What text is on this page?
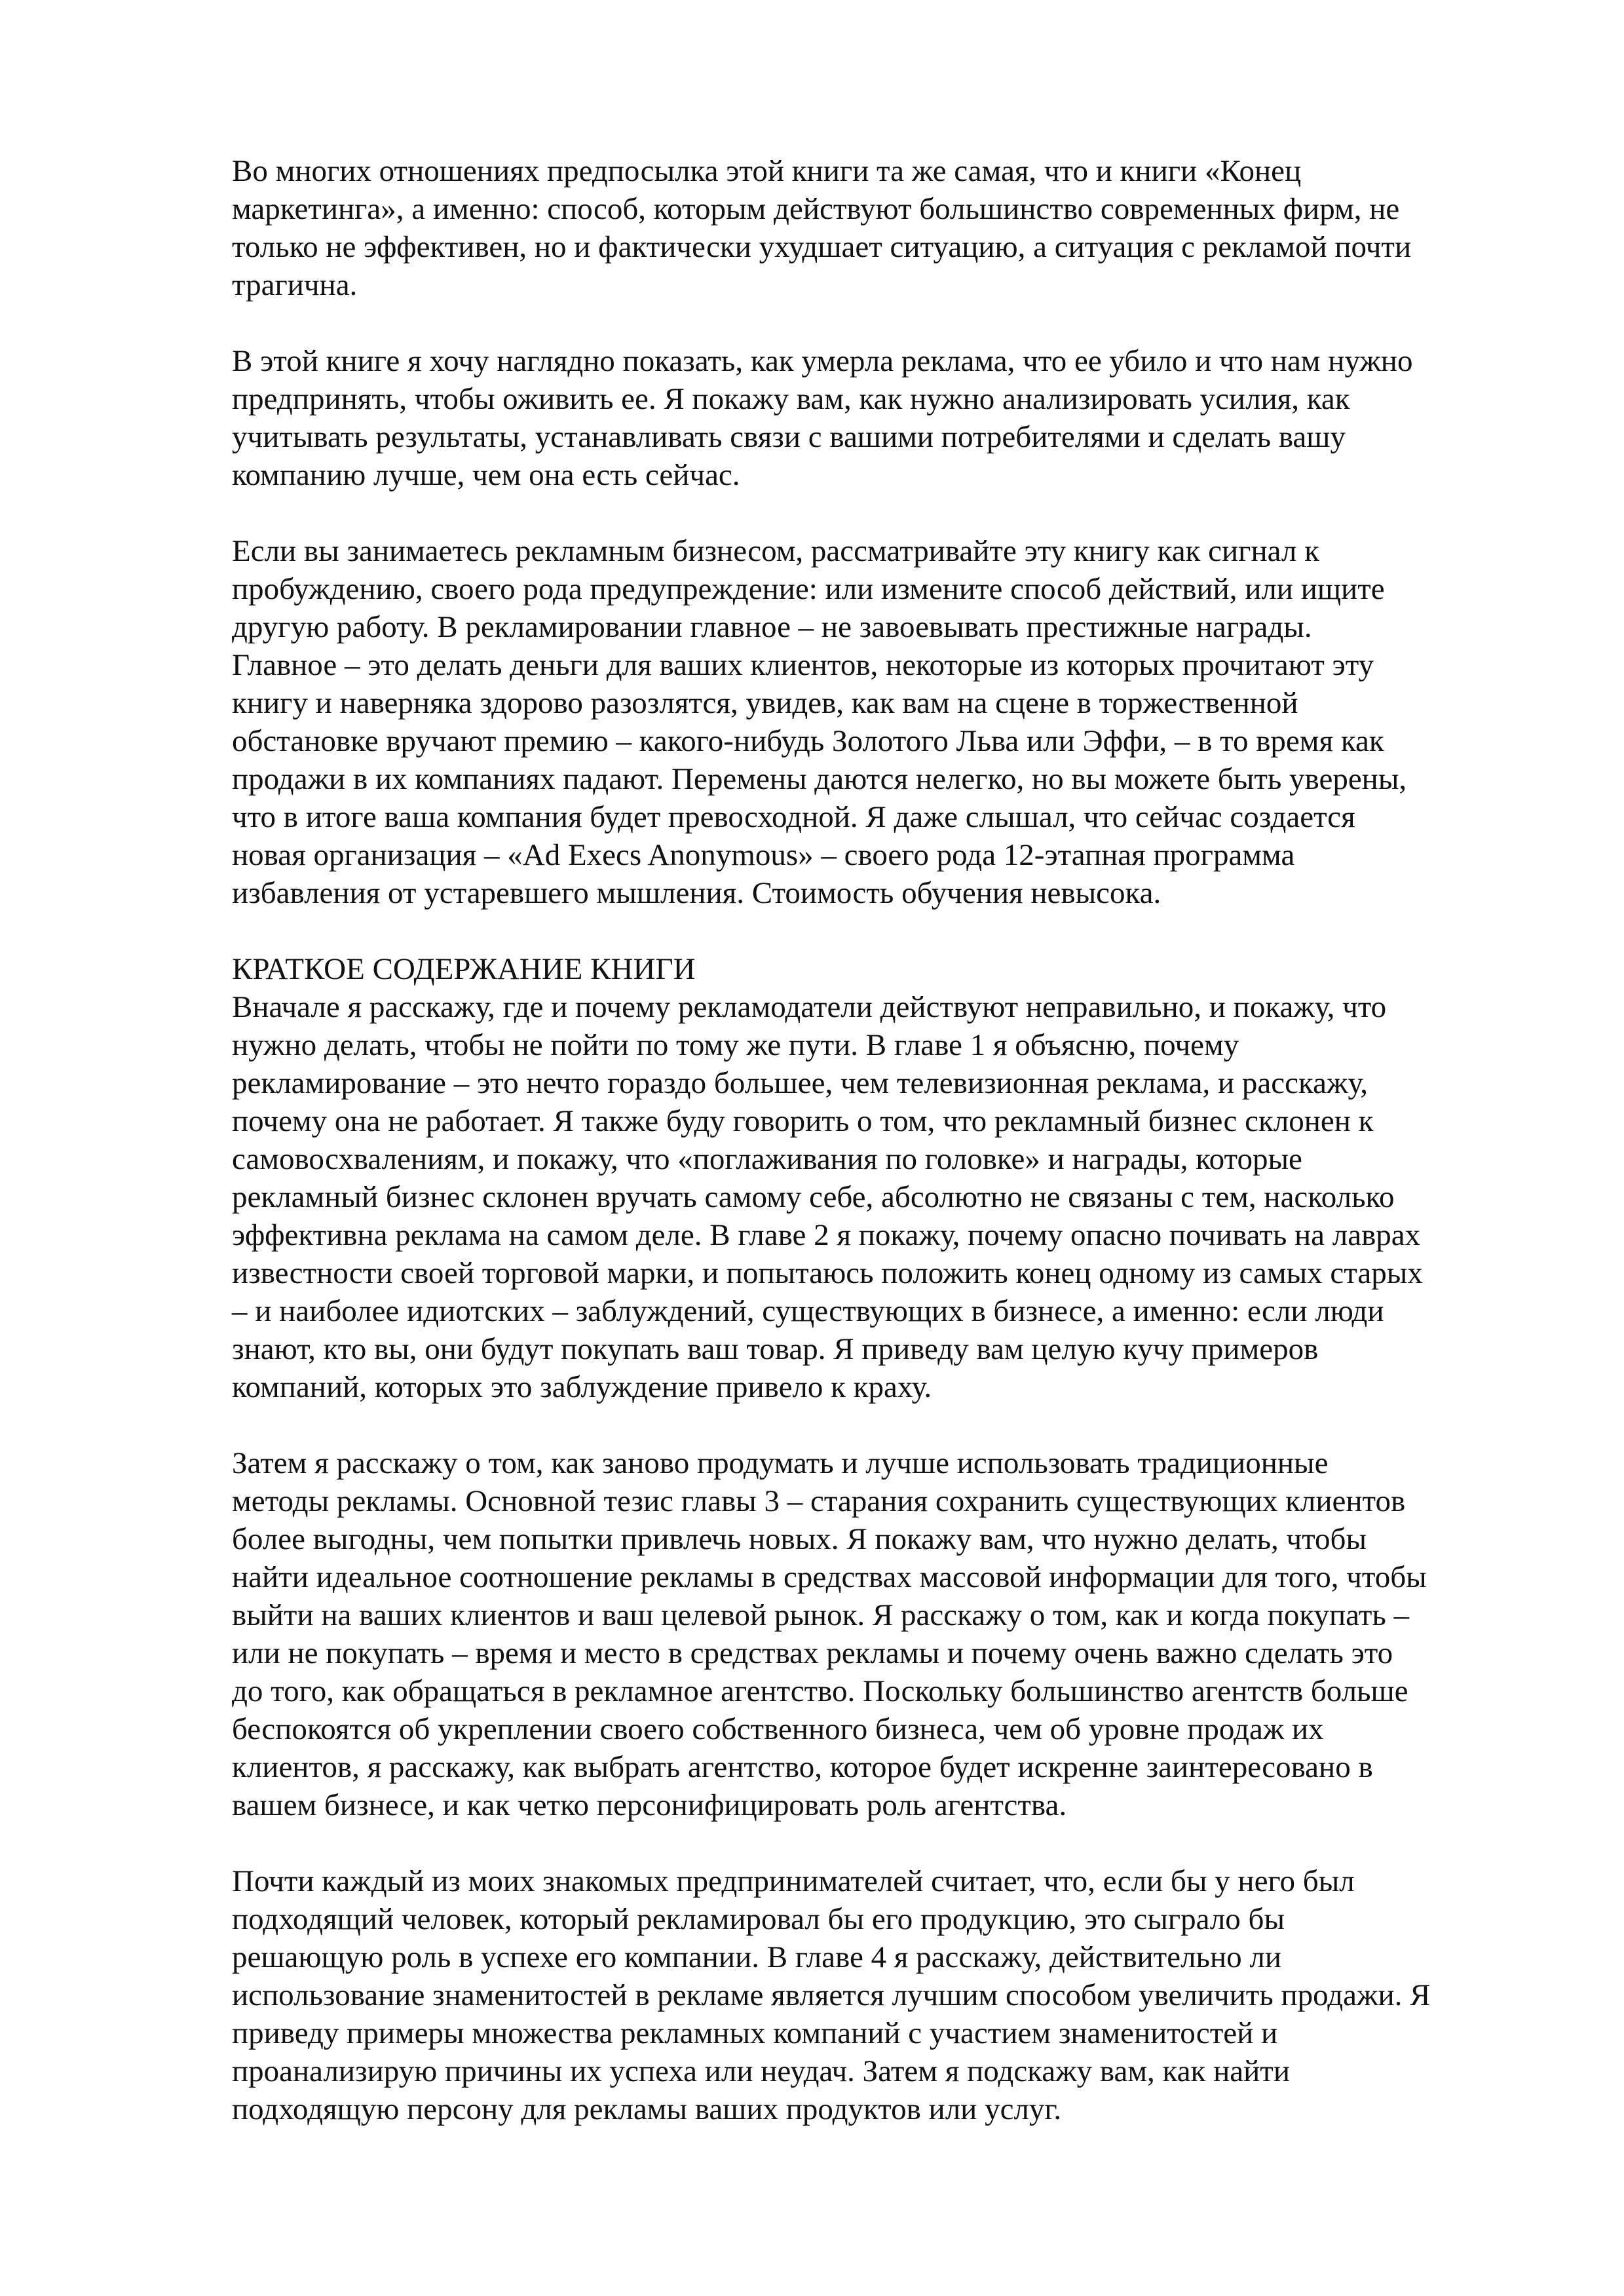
Во многих отношениях предпосылка этой книги та же самая, что и книги «Конец
маркетинга», а именно: способ, которым действуют большинство современных фирм, не
только не эффективен, но и фактически ухудшает ситуацию, а ситуация с рекламой почти
трагична.

В этой книге я хочу наглядно показать, как умерла реклама, что ее убило и что нам нужно
предпринять, чтобы оживить ее. Я покажу вам, как нужно анализировать усилия, как
учитывать результаты, устанавливать связи с вашими потребителями и сделать вашу
компанию лучше, чем она есть сейчас.

Если вы занимаетесь рекламным бизнесом, рассматривайте эту книгу как сигнал к
пробуждению, своего рода предупреждение: или измените способ действий, или ищите
другую работу. В рекламировании главное – не завоевывать престижные награды.
Главное – это делать деньги для ваших клиентов, некоторые из которых прочитают эту
книгу и наверняка здорово разозлятся, увидев, как вам на сцене в торжественной
обстановке вручают премию – какого-нибудь Золотого Льва или Эффи, – в то время как
продажи в их компаниях падают. Перемены даются нелегко, но вы можете быть уверены,
что в итоге ваша компания будет превосходной. Я даже слышал, что сейчас создается
новая организация – «Ad Execs Anonymous» – своего рода 12-этапная программа
избавления от устаревшего мышления. Стоимость обучения невысока.

КРАТКОЕ СОДЕРЖАНИЕ КНИГИ

Вначале я расскажу, где и почему рекламодатели действуют неправильно, и покажу, что
нужно делать, чтобы не пойти по тому же пути. В главе 1 я объясню, почему
рекламирование – это нечто гораздо большее, чем телевизионная реклама, и расскажу,
почему она не работает. Я также буду говорить о том, что рекламный бизнес склонен к
самовосхвалениям, и покажу, что «поглаживания по головке» и награды, которые
рекламный бизнес склонен вручать самому себе, абсолютно не связаны с тем, насколько
эффективна реклама на самом деле. В главе 2 я покажу, почему опасно почивать на лаврах
известности своей торговой марки, и попытаюсь положить конец одному из самых старых
– и наиболее идиотских – заблуждений, существующих в бизнесе, а именно: если люди
знают, кто вы, они будут покупать ваш товар. Я приведу вам целую кучу примеров
компаний, которых это заблуждение привело к краху.

Затем я расскажу о том, как заново продумать и лучше использовать традиционные
методы рекламы. Основной тезис главы 3 – старания сохранить существующих клиентов
более выгодны, чем попытки привлечь новых. Я покажу вам, что нужно делать, чтобы
найти идеальное соотношение рекламы в средствах массовой информации для того, чтобы
выйти на ваших клиентов и ваш целевой рынок. Я расскажу о том, как и когда покупать –
или не покупать – время и место в средствах рекламы и почему очень важно сделать это
до того, как обращаться в рекламное агентство. Поскольку большинство агентств больше
беспокоятся об укреплении своего собственного бизнеса, чем об уровне продаж их
клиентов, я расскажу, как выбрать агентство, которое будет искренне заинтересовано в
вашем бизнесе, и как четко персонифицировать роль агентства.

Почти каждый из моих знакомых предпринимателей считает, что, если бы у него был
подходящий человек, который рекламировал бы его продукцию, это сыграло бы
решающую роль в успехе его компании. В главе 4 я расскажу, действительно ли
использование знаменитостей в рекламе является лучшим способом увеличить продажи. Я
приведу примеры множества рекламных компаний с участием знаменитостей и
проанализирую причины их успеха или неудач. Затем я подскажу вам, как найти
подходящую персону для рекламы ваших продуктов или услуг.
